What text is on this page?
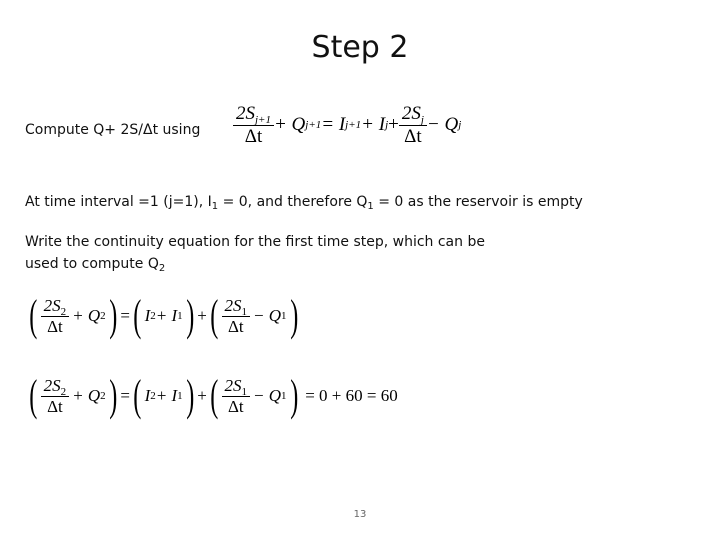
Step 2
Compute Q+ 2S/Δt using $\frac{2S_{j+1}}{\Delta t} + Q$ j+1 = I j+1 + I $j + \frac{2S_j}{\Delta t} - Q$ j
At time interval =1 (j=1), $I_1 = 0$, and therefore $Q_1 = 0$ as the reservoir is empty
Write the continuity equation for the first time step, which can be
used to compute $Q_2$
( $\frac{2S_2}{\Delta t} + Q$ 2 ) = ( I 2 + I 1 ) + ( $\frac{2S_1}{\Delta t} - Q$ 1 )
( $\frac{2S_2}{\Delta t} + Q$ 2 ) = ( I 2 + I 1 ) + ( $\frac{2S_1}{\Delta t} - Q$ 1 ) = 0 + 60 = 60
13
